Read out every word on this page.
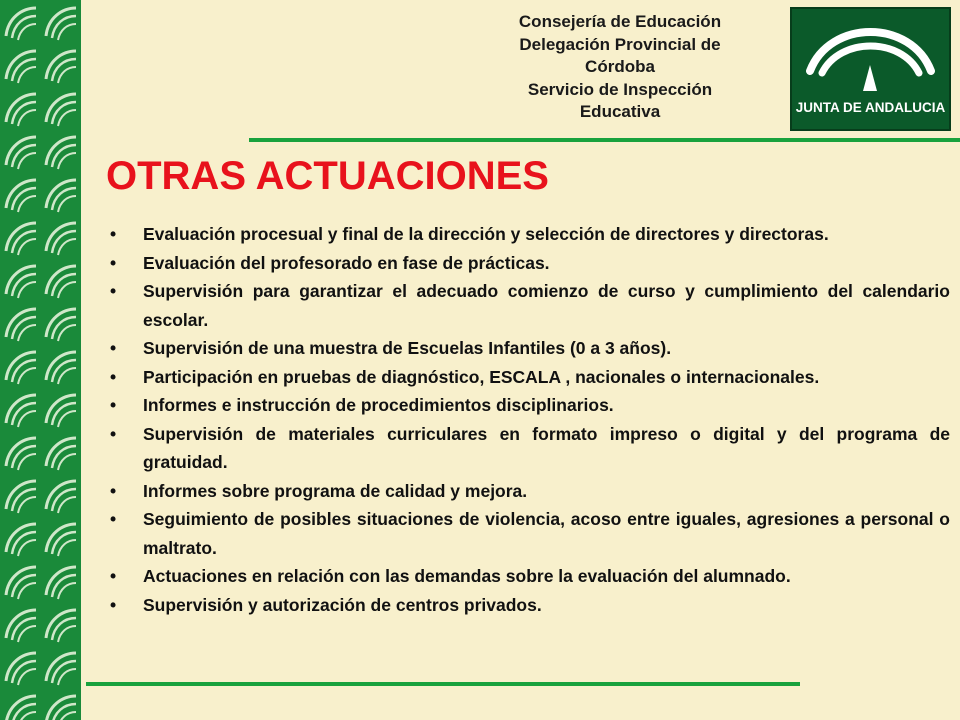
Consejería de Educación
Delegación Provincial de
Córdoba
Servicio de Inspección
Educativa	JUNTA DE ANDALUCIA
OTRAS ACTUACIONES
• Evaluación procesual y final de la dirección y selección de directores y directoras.
• Evaluación del profesorado en fase de prácticas.
• Supervisión para garantizar el adecuado comienzo de curso y cumplimiento del calendario escolar.
• Supervisión de una muestra de Escuelas Infantiles (0 a 3 años).
• Participación en pruebas de diagnóstico, ESCALA , nacionales o internacionales.
• Informes e instrucción de procedimientos disciplinarios.
• Supervisión de materiales curriculares en formato impreso o digital y del programa de gratuidad.
• Informes sobre programa de calidad y mejora.
• Seguimiento de posibles situaciones de violencia, acoso entre iguales, agresiones a personal o maltrato.
• Actuaciones en relación con las demandas sobre la evaluación del alumnado.
• Supervisión y autorización de centros privados.
